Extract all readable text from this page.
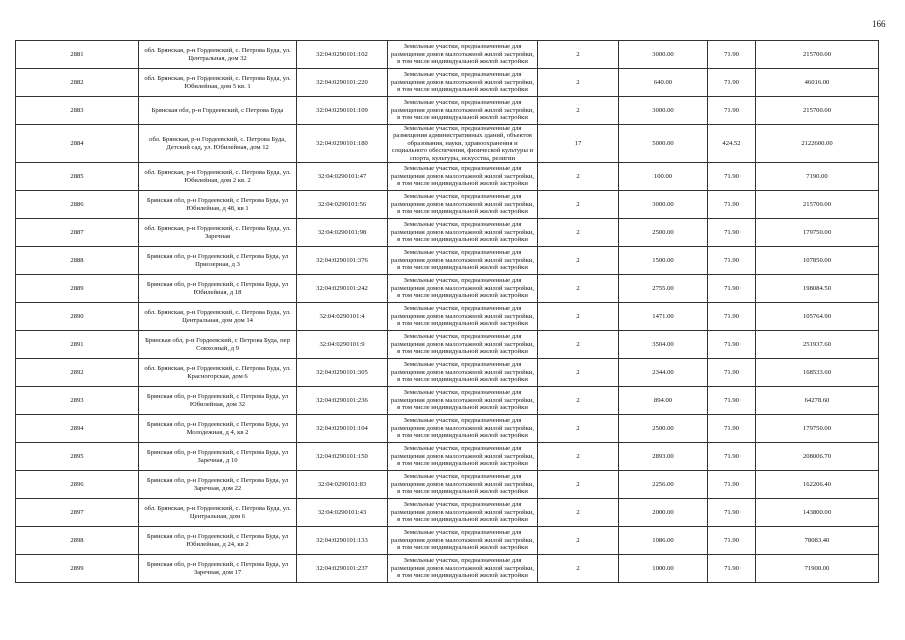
166
2881	обл. Брянская, р-н Гордеевский, с. Петрова Буда, ул. Центральная, дом 32	32:04:0290101:102	Земельные участки, предназначенные для размещения домов малоэтажной жилой застройки, в том числе индивидуальной жилой застройки	2	3000.00	71.90	215700.00
2882	обл. Брянская, р-н Гордеевский, с. Петрова Буда, ул. Юбилейная, дом 5 кв. 1	32:04:0290101:220	Земельные участки, предназначенные для размещения домов малоэтажной жилой застройки, в том числе индивидуальной жилой застройки	2	640.00	71.90	46016.00
2883	Брянская обл, р-н Гордеевский, с Петрова Буда	32:04:0290101:109	Земельные участки, предназначенные для размещения домов малоэтажной жилой застройки, в том числе индивидуальной жилой застройки	2	3000.00	71.90	215700.00
2884	обл. Брянская, р-н Гордеевский, с. Петрова Буда, Детский сад, ул. Юбилейная, дом 12	32:04:0290101:180	Земельные участки, предназначенные для размещения административных зданий, объектов образования, науки, здравоохранения и социального обеспечения, физической культуры и спорта, культуры, искусства, религии	17	5000.00	424.52	2122600.00
2885	обл. Брянская, р-н Гордеевский, с. Петрова Буда, ул. Юбилейная, дом 2 кв. 2	32:04:0290101:47	Земельные участки, предназначенные для размещения домов малоэтажной жилой застройки, в том числе индивидуальной жилой застройки	2	100.00	71.90	7190.00
2886	Брянская обл, р-н Гордеевский, с Петрова Буда, ул Юбилейная, д 48, кв 1	32:04:0290101:56	Земельные участки, предназначенные для размещения домов малоэтажной жилой застройки, в том числе индивидуальной жилой застройки	2	3000.00	71.90	215700.00
2887	обл. Брянская, р-н Гордеевский, с. Петрова Буда, ул. Заречная	32:04:0290101:98	Земельные участки, предназначенные для размещения домов малоэтажной жилой застройки, в том числе индивидуальной жилой застройки	2	2500.00	71.90	179750.00
2888	Брянская обл, р-н Гордеевский, с Петрова Буда, ул Приозерная, д 3	32:04:0290101:376	Земельные участки, предназначенные для размещения домов малоэтажной жилой застройки, в том числе индивидуальной жилой застройки	2	1500.00	71.90	107850.00
2889	Брянская обл, р-н Гордеевский, с Петрова Буда, ул Юбилейная, д 18	32:04:0290101:242	Земельные участки, предназначенные для размещения домов малоэтажной жилой застройки, в том числе индивидуальной жилой застройки	2	2755.00	71.90	198084.50
2890	обл. Брянская, р-н Гордеевский, с. Петрова Буда, ул. Центральная, дом дом 14	32:04:0290101:4	Земельные участки, предназначенные для размещения домов малоэтажной жилой застройки, в том числе индивидуальной жилой застройки	2	1471.00	71.90	105764.90
2891	Брянская обл, р-н Гордеевский, с Петрова Буда, пер Совхозный, д 9	32:04:0290101:9	Земельные участки, предназначенные для размещения домов малоэтажной жилой застройки, в том числе индивидуальной жилой застройки	2	3504.00	71.90	251937.60
2892	обл. Брянская, р-н Гордеевский, с. Петрова Буда, ул. Красногорская, дом 6	32:04:0290101:305	Земельные участки, предназначенные для размещения домов малоэтажной жилой застройки, в том числе индивидуальной жилой застройки	2	2344.00	71.90	168533.60
2893	Брянская обл, р-н Гордеевский, с Петрова Буда, ул Юбилейная, дом 32	32:04:0290101:236	Земельные участки, предназначенные для размещения домов малоэтажной жилой застройки, в том числе индивидуальной жилой застройки	2	894.00	71.90	64278.60
2894	Брянская обл, р-н Гордеевский, с Петрова Буда, ул Молодежная, д 4, кв 2	32:04:0290101:104	Земельные участки, предназначенные для размещения домов малоэтажной жилой застройки, в том числе индивидуальной жилой застройки	2	2500.00	71.90	179750.00
2895	Брянская обл, р-н Гордеевский, с Петрова Буда, ул Заречная, д 10	32:04:0290101:150	Земельные участки, предназначенные для размещения домов малоэтажной жилой застройки, в том числе индивидуальной жилой застройки	2	2893.00	71.90	208006.70
2896	Брянская обл, р-н Гордеевский, с Петрова Буда, ул Заречная, дом 22	32:04:0290101:83	Земельные участки, предназначенные для размещения домов малоэтажной жилой застройки, в том числе индивидуальной жилой застройки	2	2256.00	71.90	162206.40
2897	обл. Брянская, р-н Гордеевский, с. Петрова Буда, ул. Центральная, дом 6	32:04:0290101:43	Земельные участки, предназначенные для размещения домов малоэтажной жилой застройки, в том числе индивидуальной жилой застройки	2	2000.00	71.90	143800.00
2898	Брянская обл, р-н Гордеевский, с Петрова Буда, ул Юбилейная, д 24, кв 2	32:04:0290101:133	Земельные участки, предназначенные для размещения домов малоэтажной жилой застройки, в том числе индивидуальной жилой застройки	2	1086.00	71.90	78083.40
2899	Брянская обл, р-н Гордеевский, с Петрова Буда, ул Заречная, дом 17	32:04:0290101:237	Земельные участки, предназначенные для размещения домов малоэтажной жилой застройки, в том числе индивидуальной жилой застройки	2	1000.00	71.90	71900.00
